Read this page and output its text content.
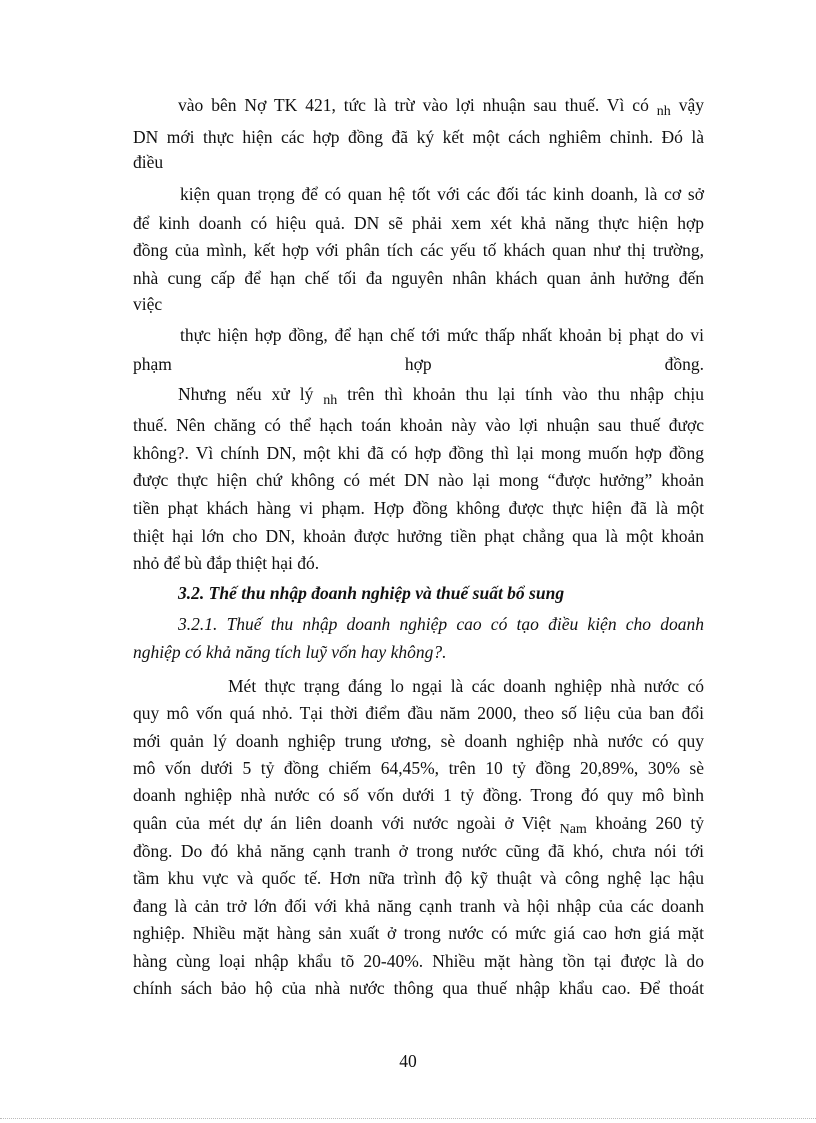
vào bên Nợ TK 421, tức là trừ vào lợi nhuận sau thuế. Vì có $_{nh}$ vậy
DN mới thực hiện các hợp đồng đã ký kết một cách nghiêm chỉnh. Đó là
điều
kiện quan trọng để có quan hệ tốt với các đối tác kinh doanh, là cơ sở
để kinh doanh có hiệu quả. DN sẽ phải xem xét khả năng thực hiện hợp
đồng của mình, kết hợp với phân tích các yếu tố khách quan như thị trường,
nhà cung cấp để hạn chế tối đa nguyên nhân khách quan ảnh hưởng đến
việc
thực hiện hợp đồng, để hạn chế tới mức thấp nhất khoản bị phạt do vi
phạm	hợp	đồng.
Nhưng nếu xử lý $_{nh}$ trên thì khoản thu lại tính vào thu nhập chịu
thuế. Nên chăng có thể hạch toán khoản này vào lợi nhuận sau thuế được
không?. Vì chính DN, một khi đã có hợp đồng thì lại mong muốn hợp đồng
được thực hiện chứ không có mét DN nào lại mong “được hưởng” khoản
tiền phạt khách hàng vi phạm. Hợp đồng không được thực hiện đã là một
thiệt hại lớn cho DN, khoản được hưởng tiền phạt chẳng qua là một khoản
nhỏ để bù đắp thiệt hại đó.
3.2. Thế thu nhập đoanh nghiệp và thuế suất bổ sung
3.2.1. Thuế thu nhập doanh nghiệp cao có tạo điều kiện cho doanh
nghiệp có khả năng tích luỹ vốn hay không?.
Mét thực trạng đáng lo ngại là các doanh nghiệp nhà nước có
quy mô vốn quá nhỏ. Tại thời điểm đầu năm 2000, theo số liệu của ban đổi
mới quản lý doanh nghiệp trung ương, sè doanh nghiệp nhà nước có quy
mô vốn dưới 5 tỷ đồng chiếm 64,45%, trên 10 tỷ đồng 20,89%, 30% sè
doanh nghiệp nhà nước có số vốn dưới 1 tỷ đồng. Trong đó quy mô bình
quân của mét dự án liên doanh với nước ngoài ở Việt $_{Nam}$ khoảng 260 tỷ
đồng. Do đó khả năng cạnh tranh ở trong nước cũng đã khó, chưa nói tới
tầm khu vực và quốc tế. Hơn nữa trình độ kỹ thuật và công nghệ lạc hậu
đang là cản trở lớn đối với khả năng cạnh tranh và hội nhập của các doanh
nghiệp. Nhiều mặt hàng sản xuất ở trong nước có mức giá cao hơn giá mặt
hàng cùng loại nhập khẩu tõ 20-40%. Nhiều mặt hàng tồn tại được là do
chính sách bảo hộ của nhà nước thông qua thuế nhập khẩu cao. Để thoát
40
